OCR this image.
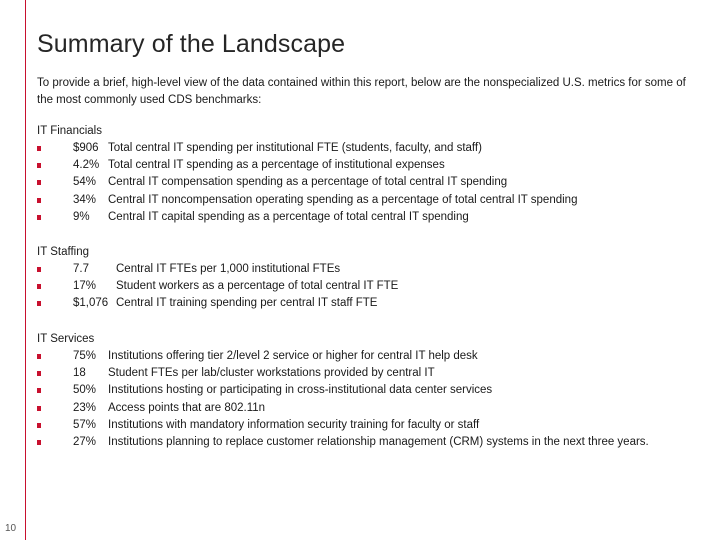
Summary of the Landscape

To provide a brief, high-level view of the data contained within this report, below are the nonspecialized U.S. metrics for some of the most commonly used CDS benchmarks:

IT Financials
$906 Total central IT spending per institutional FTE (students, faculty, and staff)
4.2% Total central IT spending as a percentage of institutional expenses
54% Central IT compensation spending as a percentage of total central IT spending
34% Central IT noncompensation operating spending as a percentage of total central IT spending
9% Central IT capital spending as a percentage of total central IT spending
IT Staffing
7.7 Central IT FTEs per 1,000 institutional FTEs
17% Student workers as a percentage of total central IT FTE
$1,076 Central IT training spending per central IT staff FTE
IT Services
75% Institutions offering tier 2/level 2 service or higher for central IT help desk
18 Student FTEs per lab/cluster workstations provided by central IT
50% Institutions hosting or participating in cross-institutional data center services
23% Access points that are 802.11n
57% Institutions with mandatory information security training for faculty or staff
27% Institutions planning to replace customer relationship management (CRM) systems in the next three years.
10
